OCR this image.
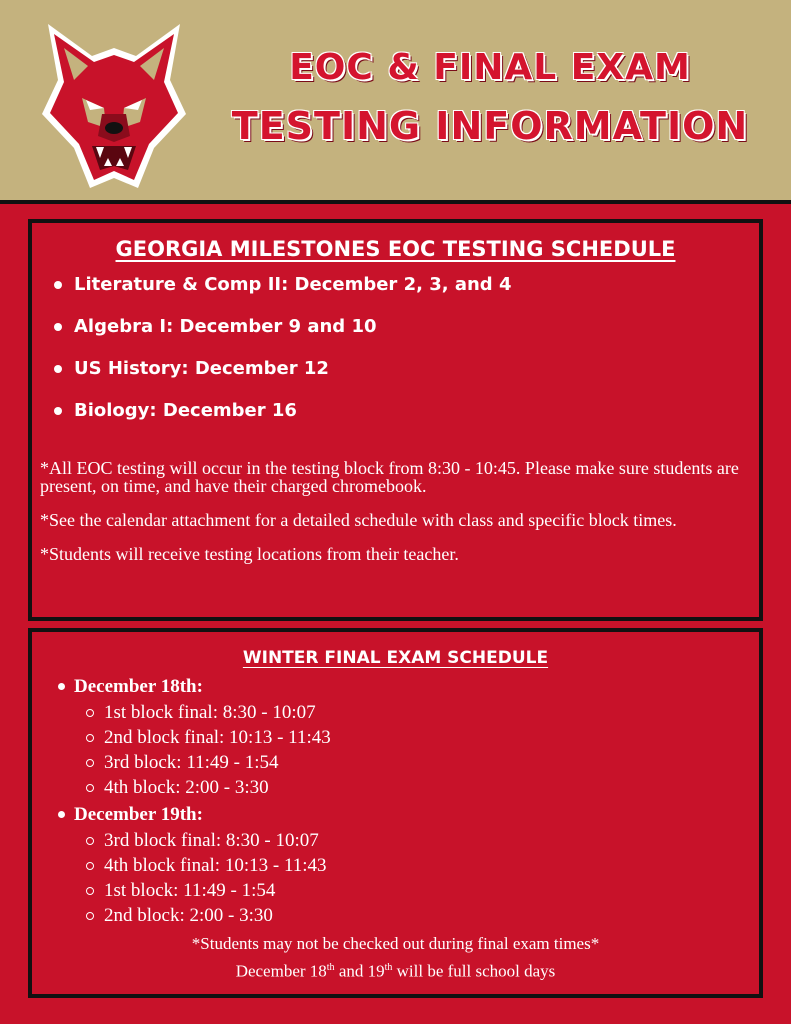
EOC & FINAL EXAM
TESTING INFORMATION
GEORGIA MILESTONES EOC TESTING SCHEDULE
Literature & Comp II: December 2, 3, and 4
Algebra I: December 9 and 10
US History: December 12
Biology: December 16

*All EOC testing will occur in the testing block from 8:30 - 10:45. Please make sure students are present, on time, and have their charged chromebook.

*See the calendar attachment for a detailed schedule with class and specific block times.

*Students will receive testing locations from their teacher.

WINTER FINAL EXAM SCHEDULE
December 18th:
1st block final: 8:30 - 10:07
2nd block final: 10:13 - 11:43
3rd block: 11:49 - 1:54
4th block: 2:00 - 3:30
December 19th:
3rd block final: 8:30 - 10:07
4th block final: 10:13 - 11:43
1st block: 11:49 - 1:54
2nd block: 2:00 - 3:30

*Students may not be checked out during final exam times*

December 18th and 19th will be full school days
